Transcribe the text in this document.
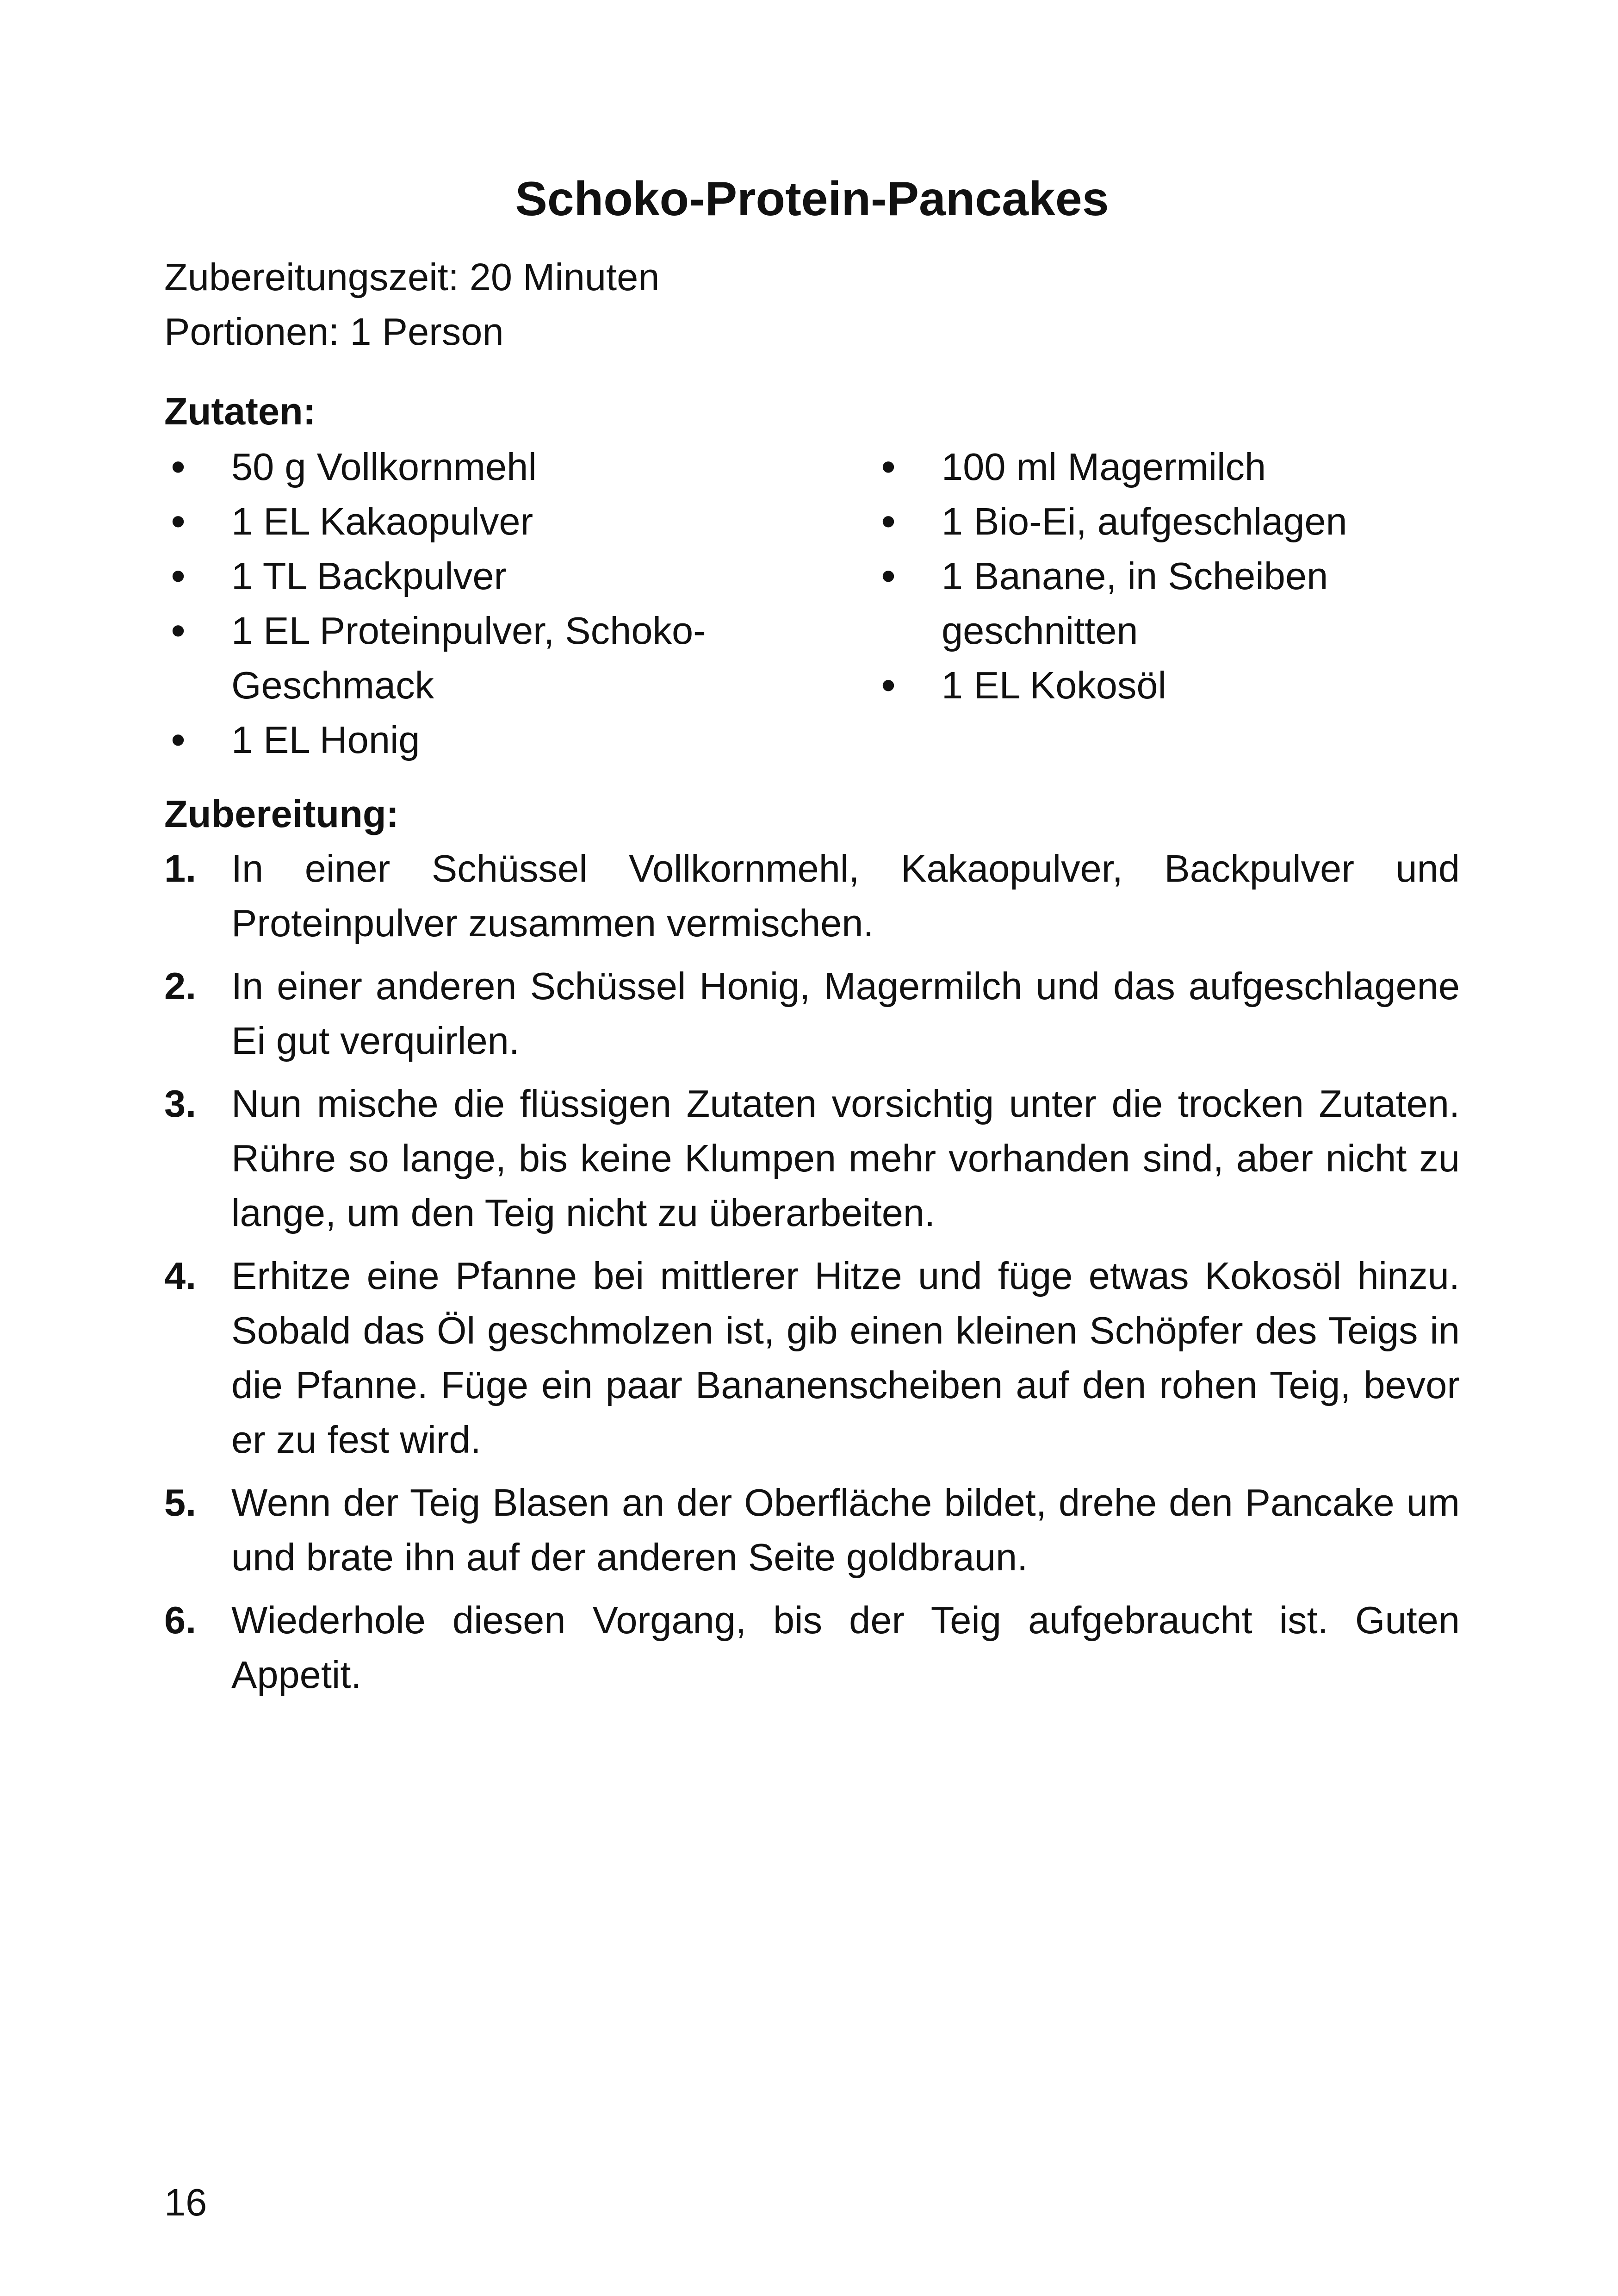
Schoko-Protein-Pancakes
Zubereitungszeit: 20 Minuten
Portionen: 1 Person
Zutaten:
• 50 g Vollkornmehl
• 1 EL Kakaopulver
• 1 TL Backpulver
• 1 EL Proteinpulver, Schoko-Geschmack
• 1 EL Honig
• 100 ml Magermilch
• 1 Bio-Ei, aufgeschlagen
• 1 Banane, in Scheiben geschnitten
• 1 EL Kokosöl
Zubereitung:
1. In einer Schüssel Vollkornmehl, Kakaopulver, Backpulver und Proteinpulver zusammen vermischen.
2. In einer anderen Schüssel Honig, Magermilch und das aufgeschlagene Ei gut verquirlen.
3. Nun mische die flüssigen Zutaten vorsichtig unter die trocken Zutaten. Rühre so lange, bis keine Klumpen mehr vorhanden sind, aber nicht zu lange, um den Teig nicht zu überarbeiten.
4. Erhitze eine Pfanne bei mittlerer Hitze und füge etwas Kokosöl hinzu. Sobald das Öl geschmolzen ist, gib einen kleinen Schöpfer des Teigs in die Pfanne. Füge ein paar Bananenscheiben auf den rohen Teig, bevor er zu fest wird.
5. Wenn der Teig Blasen an der Oberfläche bildet, drehe den Pancake um und brate ihn auf der anderen Seite goldbraun.
6. Wiederhole diesen Vorgang, bis der Teig aufgebraucht ist. Guten Appetit.
16
